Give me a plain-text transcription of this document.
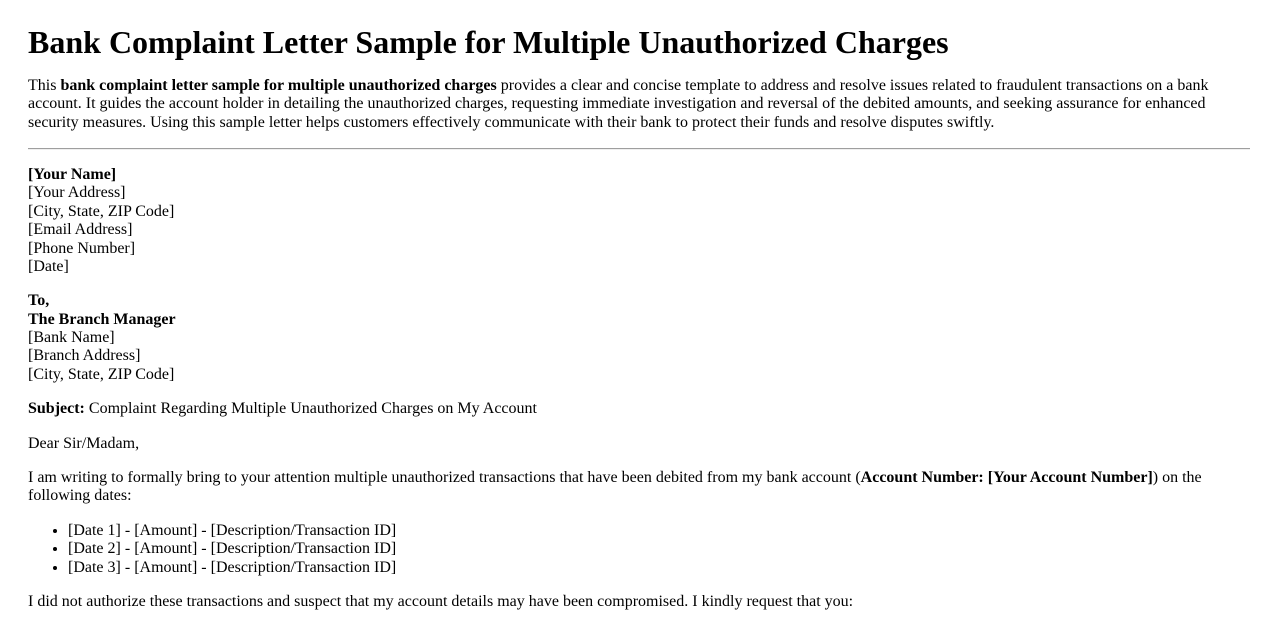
Bank Complaint Letter Sample for Multiple Unauthorized Charges

This bank complaint letter sample for multiple unauthorized charges provides a clear and concise template to address and resolve issues related to fraudulent transactions on a bank account. It guides the account holder in detailing the unauthorized charges, requesting immediate investigation and reversal of the debited amounts, and seeking assurance for enhanced security measures. Using this sample letter helps customers effectively communicate with their bank to protect their funds and resolve disputes swiftly.

[Your Name]
[Your Address]
[City, State, ZIP Code]
[Email Address]
[Phone Number]
[Date]

To,
The Branch Manager
[Bank Name]
[Branch Address]
[City, State, ZIP Code]

Subject: Complaint Regarding Multiple Unauthorized Charges on My Account

Dear Sir/Madam,

I am writing to formally bring to your attention multiple unauthorized transactions that have been debited from my bank account (Account Number: [Your Account Number]) on the following dates:

• [Date 1] - [Amount] - [Description/Transaction ID]
• [Date 2] - [Amount] - [Description/Transaction ID]
• [Date 3] - [Amount] - [Description/Transaction ID]

I did not authorize these transactions and suspect that my account details may have been compromised. I kindly request that you:
